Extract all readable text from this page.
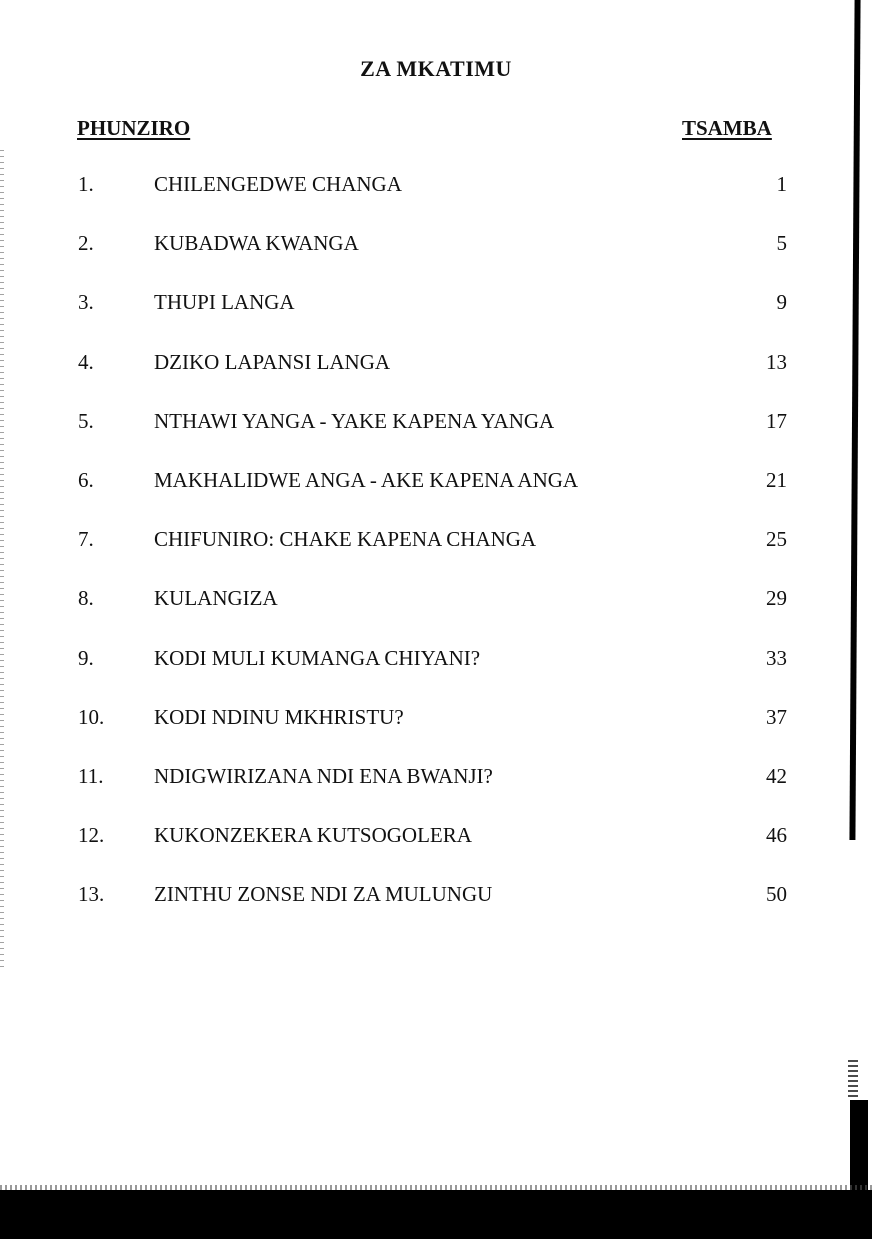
ZA MKATIMU
PHUNZIRO	TSAMBA
1.	CHILENGEDWE CHANGA	1
2.	KUBADWA KWANGA	5
3.	THUPI LANGA	9
4.	DZIKO LAPANSI LANGA	13
5.	NTHAWI YANGA - YAKE KAPENA YANGA	17
6.	MAKHALIDWE ANGA - AKE KAPENA ANGA	21
7.	CHIFUNIRO: CHAKE KAPENA CHANGA	25
8.	KULANGIZA	29
9.	KODI MULI KUMANGA CHIYANI?	33
10. KODI NDINU MKHRISTU?	37
11. NDIGWIRIZANA NDI ENA BWANJI?	42
12. KUKONZEKERA KUTSOGOLERA	46
13. ZINTHU ZONSE NDI ZA MULUNGU	50
